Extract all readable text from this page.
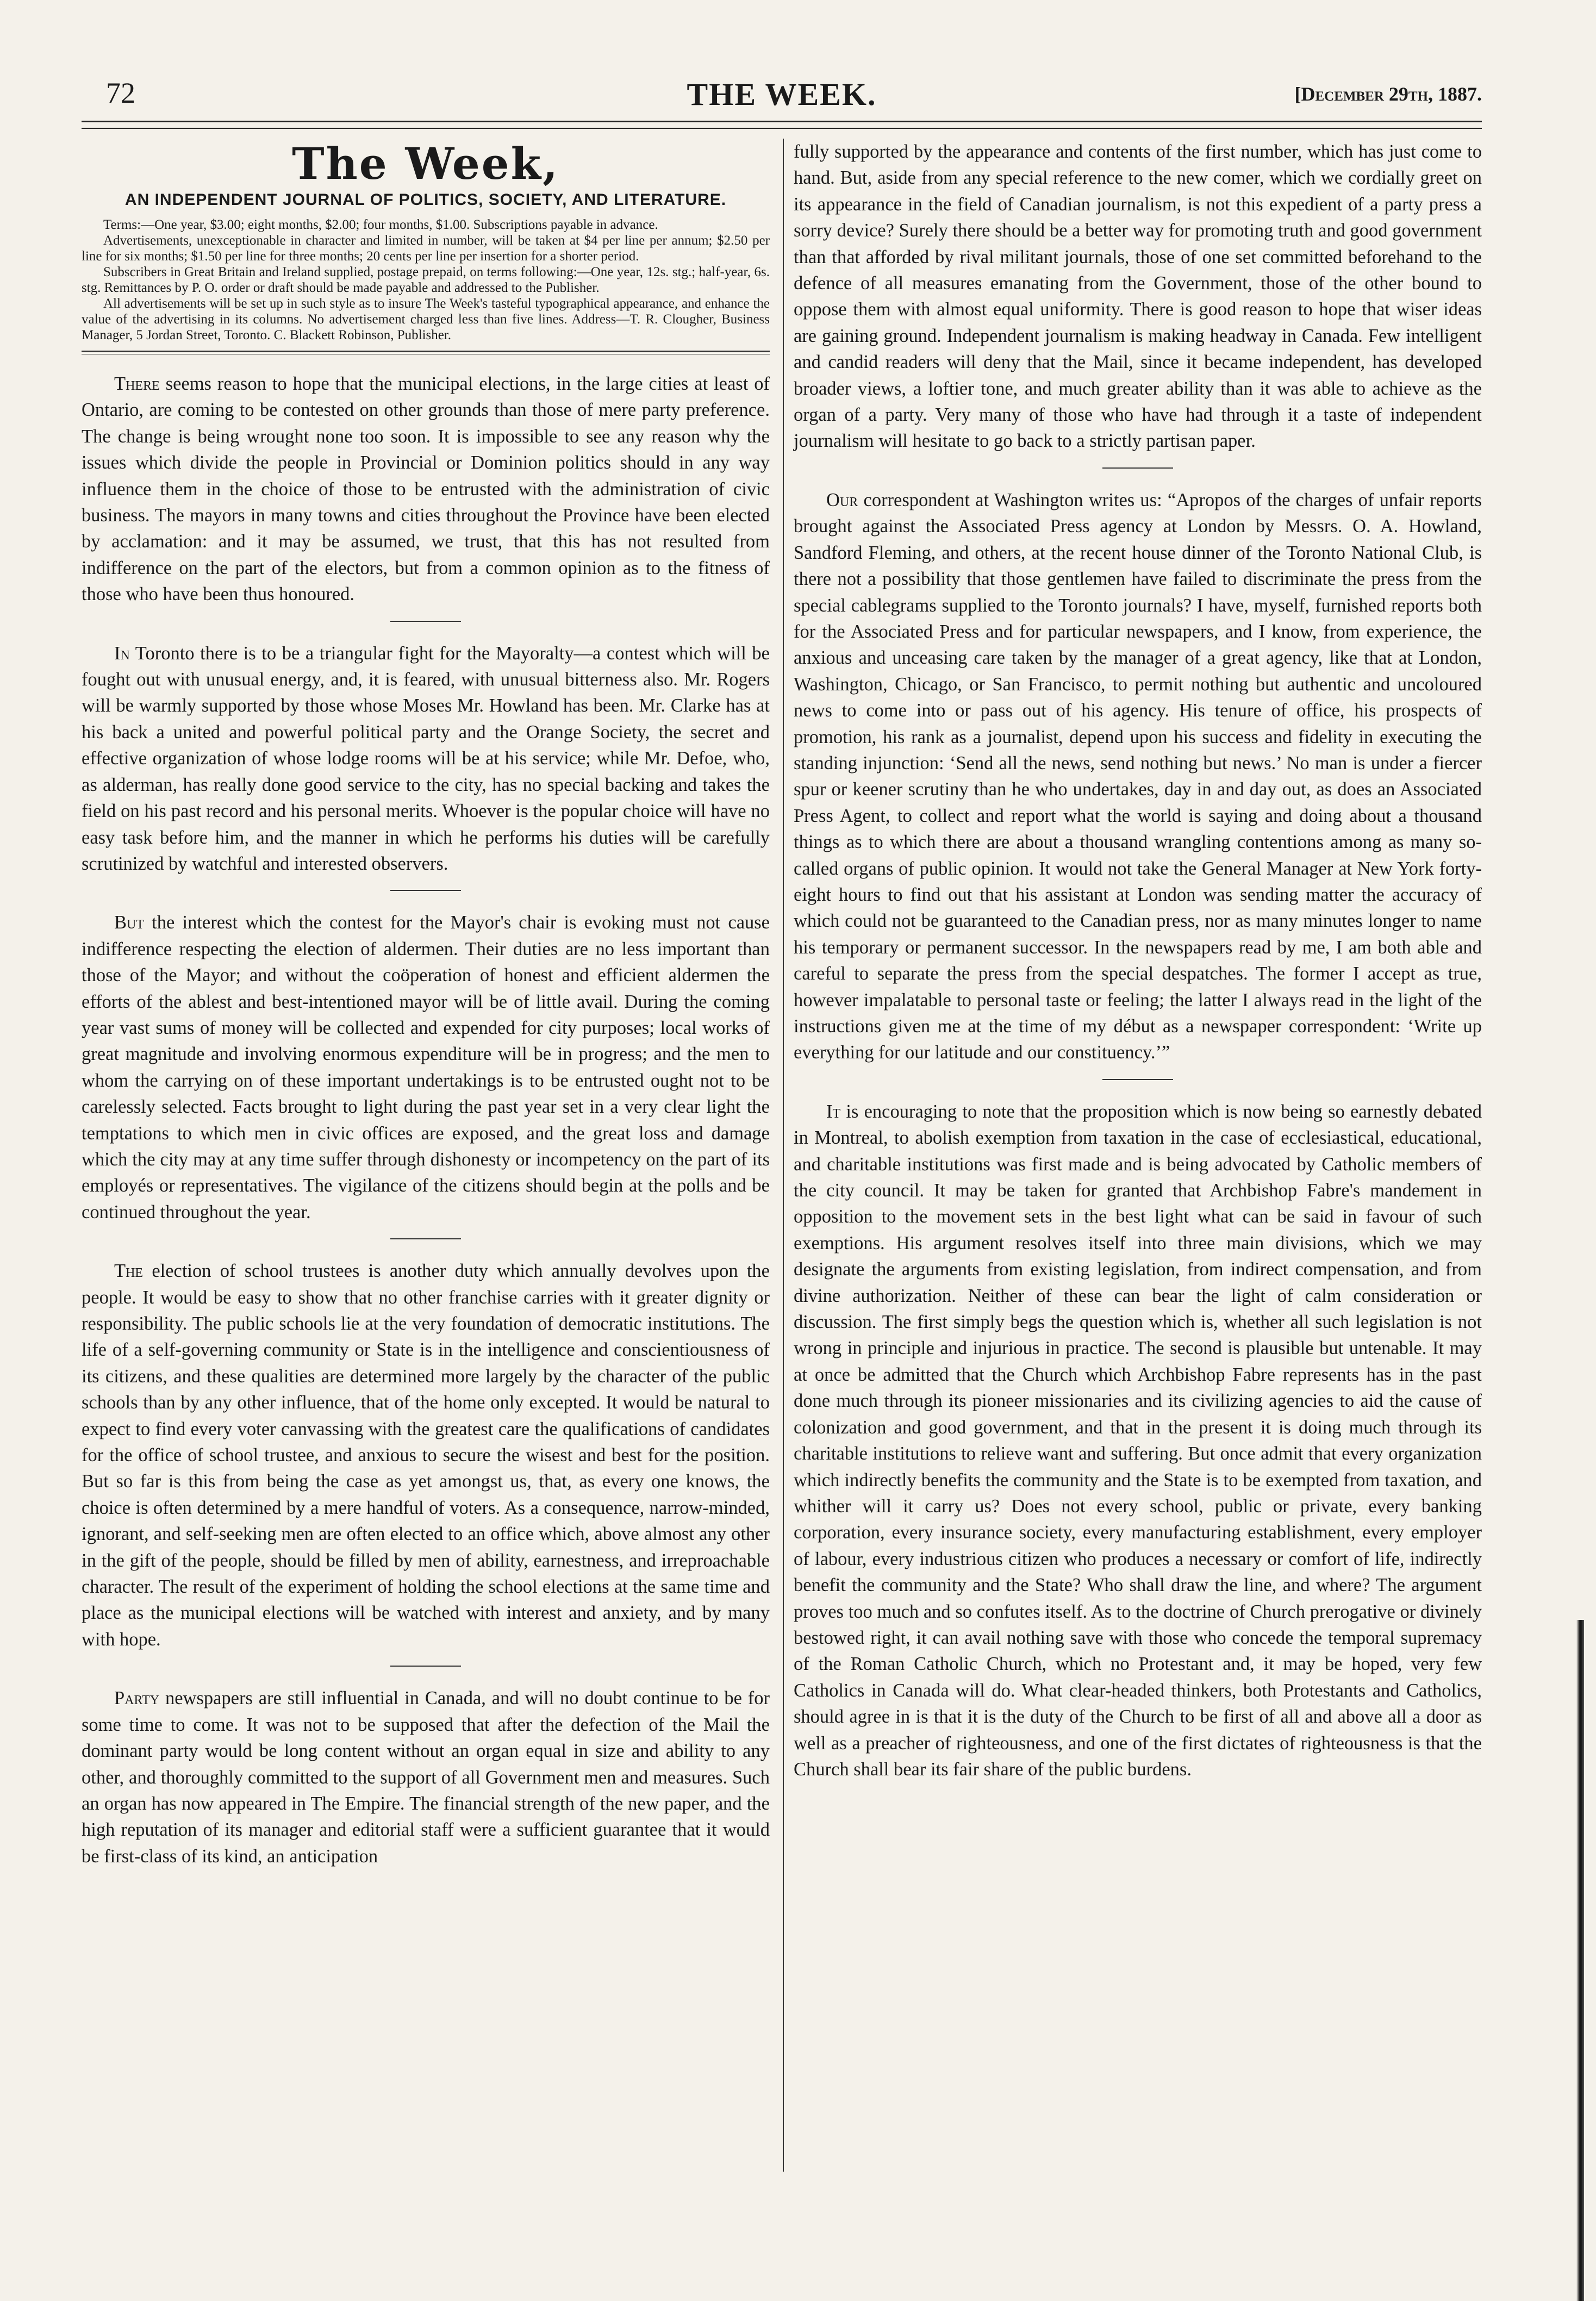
72	THE WEEK.	[December 29th, 1887.
The Week,
AN INDEPENDENT JOURNAL OF POLITICS, SOCIETY, AND LITERATURE.

Terms:—One year, $3.00; eight months, $2.00; four months, $1.00. Subscriptions payable in advance.

Advertisements, unexceptionable in character and limited in number, will be taken at $4 per line per annum; $2.50 per line for six months; $1.50 per line for three months; 20 cents per line per insertion for a shorter period.

Subscribers in Great Britain and Ireland supplied, postage prepaid, on terms following:—One year, 12s. stg.; half-year, 6s. stg. Remittances by P. O. order or draft should be made payable and addressed to the Publisher.

All advertisements will be set up in such style as to insure The Week's tasteful typographical appearance, and enhance the value of the advertising in its columns. No advertisement charged less than five lines. Address—T. R. Clougher, Business Manager, 5 Jordan Street, Toronto. C. Blackett Robinson, Publisher.

There seems reason to hope that the municipal elections, in the large cities at least of Ontario, are coming to be contested on other grounds than those of mere party preference. The change is being wrought none too soon. It is impossible to see any reason why the issues which divide the people in Provincial or Dominion politics should in any way influence them in the choice of those to be entrusted with the administration of civic business. The mayors in many towns and cities throughout the Province have been elected by acclamation: and it may be assumed, we trust, that this has not resulted from indifference on the part of the electors, but from a common opinion as to the fitness of those who have been thus honoured.

In Toronto there is to be a triangular fight for the Mayoralty—a contest which will be fought out with unusual energy, and, it is feared, with unusual bitterness also. Mr. Rogers will be warmly supported by those whose Moses Mr. Howland has been. Mr. Clarke has at his back a united and powerful political party and the Orange Society, the secret and effective organization of whose lodge rooms will be at his service; while Mr. Defoe, who, as alderman, has really done good service to the city, has no special backing and takes the field on his past record and his personal merits. Whoever is the popular choice will have no easy task before him, and the manner in which he performs his duties will be carefully scrutinized by watchful and interested observers.

But the interest which the contest for the Mayor's chair is evoking must not cause indifference respecting the election of aldermen. Their duties are no less important than those of the Mayor; and without the coöperation of honest and efficient aldermen the efforts of the ablest and best-intentioned mayor will be of little avail. During the coming year vast sums of money will be collected and expended for city purposes; local works of great magnitude and involving enormous expenditure will be in progress; and the men to whom the carrying on of these important undertakings is to be entrusted ought not to be carelessly selected. Facts brought to light during the past year set in a very clear light the temptations to which men in civic offices are exposed, and the great loss and damage which the city may at any time suffer through dishonesty or incompetency on the part of its employés or representatives. The vigilance of the citizens should begin at the polls and be continued throughout the year.

The election of school trustees is another duty which annually devolves upon the people. It would be easy to show that no other franchise carries with it greater dignity or responsibility. The public schools lie at the very foundation of democratic institutions. The life of a self-governing community or State is in the intelligence and conscientiousness of its citizens, and these qualities are determined more largely by the character of the public schools than by any other influence, that of the home only excepted. It would be natural to expect to find every voter canvassing with the greatest care the qualifications of candidates for the office of school trustee, and anxious to secure the wisest and best for the position. But so far is this from being the case as yet amongst us, that, as every one knows, the choice is often determined by a mere handful of voters. As a consequence, narrow-minded, ignorant, and self-seeking men are often elected to an office which, above almost any other in the gift of the people, should be filled by men of ability, earnestness, and irreproachable character. The result of the experiment of holding the school elections at the same time and place as the municipal elections will be watched with interest and anxiety, and by many with hope.

Party newspapers are still influential in Canada, and will no doubt continue to be for some time to come. It was not to be supposed that after the defection of the Mail the dominant party would be long content without an organ equal in size and ability to any other, and thoroughly committed to the support of all Government men and measures. Such an organ has now appeared in The Empire. The financial strength of the new paper, and the high reputation of its manager and editorial staff were a sufficient guarantee that it would be first-class of its kind, an anticipation

fully supported by the appearance and contents of the first number, which has just come to hand. But, aside from any special reference to the new comer, which we cordially greet on its appearance in the field of Canadian journalism, is not this expedient of a party press a sorry device? Surely there should be a better way for promoting truth and good government than that afforded by rival militant journals, those of one set committed beforehand to the defence of all measures emanating from the Government, those of the other bound to oppose them with almost equal uniformity. There is good reason to hope that wiser ideas are gaining ground. Independent journalism is making headway in Canada. Few intelligent and candid readers will deny that the Mail, since it became independent, has developed broader views, a loftier tone, and much greater ability than it was able to achieve as the organ of a party. Very many of those who have had through it a taste of independent journalism will hesitate to go back to a strictly partisan paper.

Our correspondent at Washington writes us: “Apropos of the charges of unfair reports brought against the Associated Press agency at London by Messrs. O. A. Howland, Sandford Fleming, and others, at the recent house dinner of the Toronto National Club, is there not a possibility that those gentlemen have failed to discriminate the press from the special cablegrams supplied to the Toronto journals? I have, myself, furnished reports both for the Associated Press and for particular newspapers, and I know, from experience, the anxious and unceasing care taken by the manager of a great agency, like that at London, Washington, Chicago, or San Francisco, to permit nothing but authentic and uncoloured news to come into or pass out of his agency. His tenure of office, his prospects of promotion, his rank as a journalist, depend upon his success and fidelity in executing the standing injunction: ‘Send all the news, send nothing but news.’ No man is under a fiercer spur or keener scrutiny than he who undertakes, day in and day out, as does an Associated Press Agent, to collect and report what the world is saying and doing about a thousand things as to which there are about a thousand wrangling contentions among as many so-called organs of public opinion. It would not take the General Manager at New York forty-eight hours to find out that his assistant at London was sending matter the accuracy of which could not be guaranteed to the Canadian press, nor as many minutes longer to name his temporary or permanent successor. In the newspapers read by me, I am both able and careful to separate the press from the special despatches. The former I accept as true, however impalatable to personal taste or feeling; the latter I always read in the light of the instructions given me at the time of my début as a newspaper correspondent: ‘Write up everything for our latitude and our constituency.’”

It is encouraging to note that the proposition which is now being so earnestly debated in Montreal, to abolish exemption from taxation in the case of ecclesiastical, educational, and charitable institutions was first made and is being advocated by Catholic members of the city council. It may be taken for granted that Archbishop Fabre's mandement in opposition to the movement sets in the best light what can be said in favour of such exemptions. His argument resolves itself into three main divisions, which we may designate the arguments from existing legislation, from indirect compensation, and from divine authorization. Neither of these can bear the light of calm consideration or discussion. The first simply begs the question which is, whether all such legislation is not wrong in principle and injurious in practice. The second is plausible but untenable. It may at once be admitted that the Church which Archbishop Fabre represents has in the past done much through its pioneer missionaries and its civilizing agencies to aid the cause of colonization and good government, and that in the present it is doing much through its charitable institutions to relieve want and suffering. But once admit that every organization which indirectly benefits the community and the State is to be exempted from taxation, and whither will it carry us? Does not every school, public or private, every banking corporation, every insurance society, every manufacturing establishment, every employer of labour, every industrious citizen who produces a necessary or comfort of life, indirectly benefit the community and the State? Who shall draw the line, and where? The argument proves too much and so confutes itself. As to the doctrine of Church prerogative or divinely bestowed right, it can avail nothing save with those who concede the temporal supremacy of the Roman Catholic Church, which no Protestant and, it may be hoped, very few Catholics in Canada will do. What clear-headed thinkers, both Protestants and Catholics, should agree in is that it is the duty of the Church to be first of all and above all a door as well as a preacher of righteousness, and one of the first dictates of righteousness is that the Church shall bear its fair share of the public burdens.
